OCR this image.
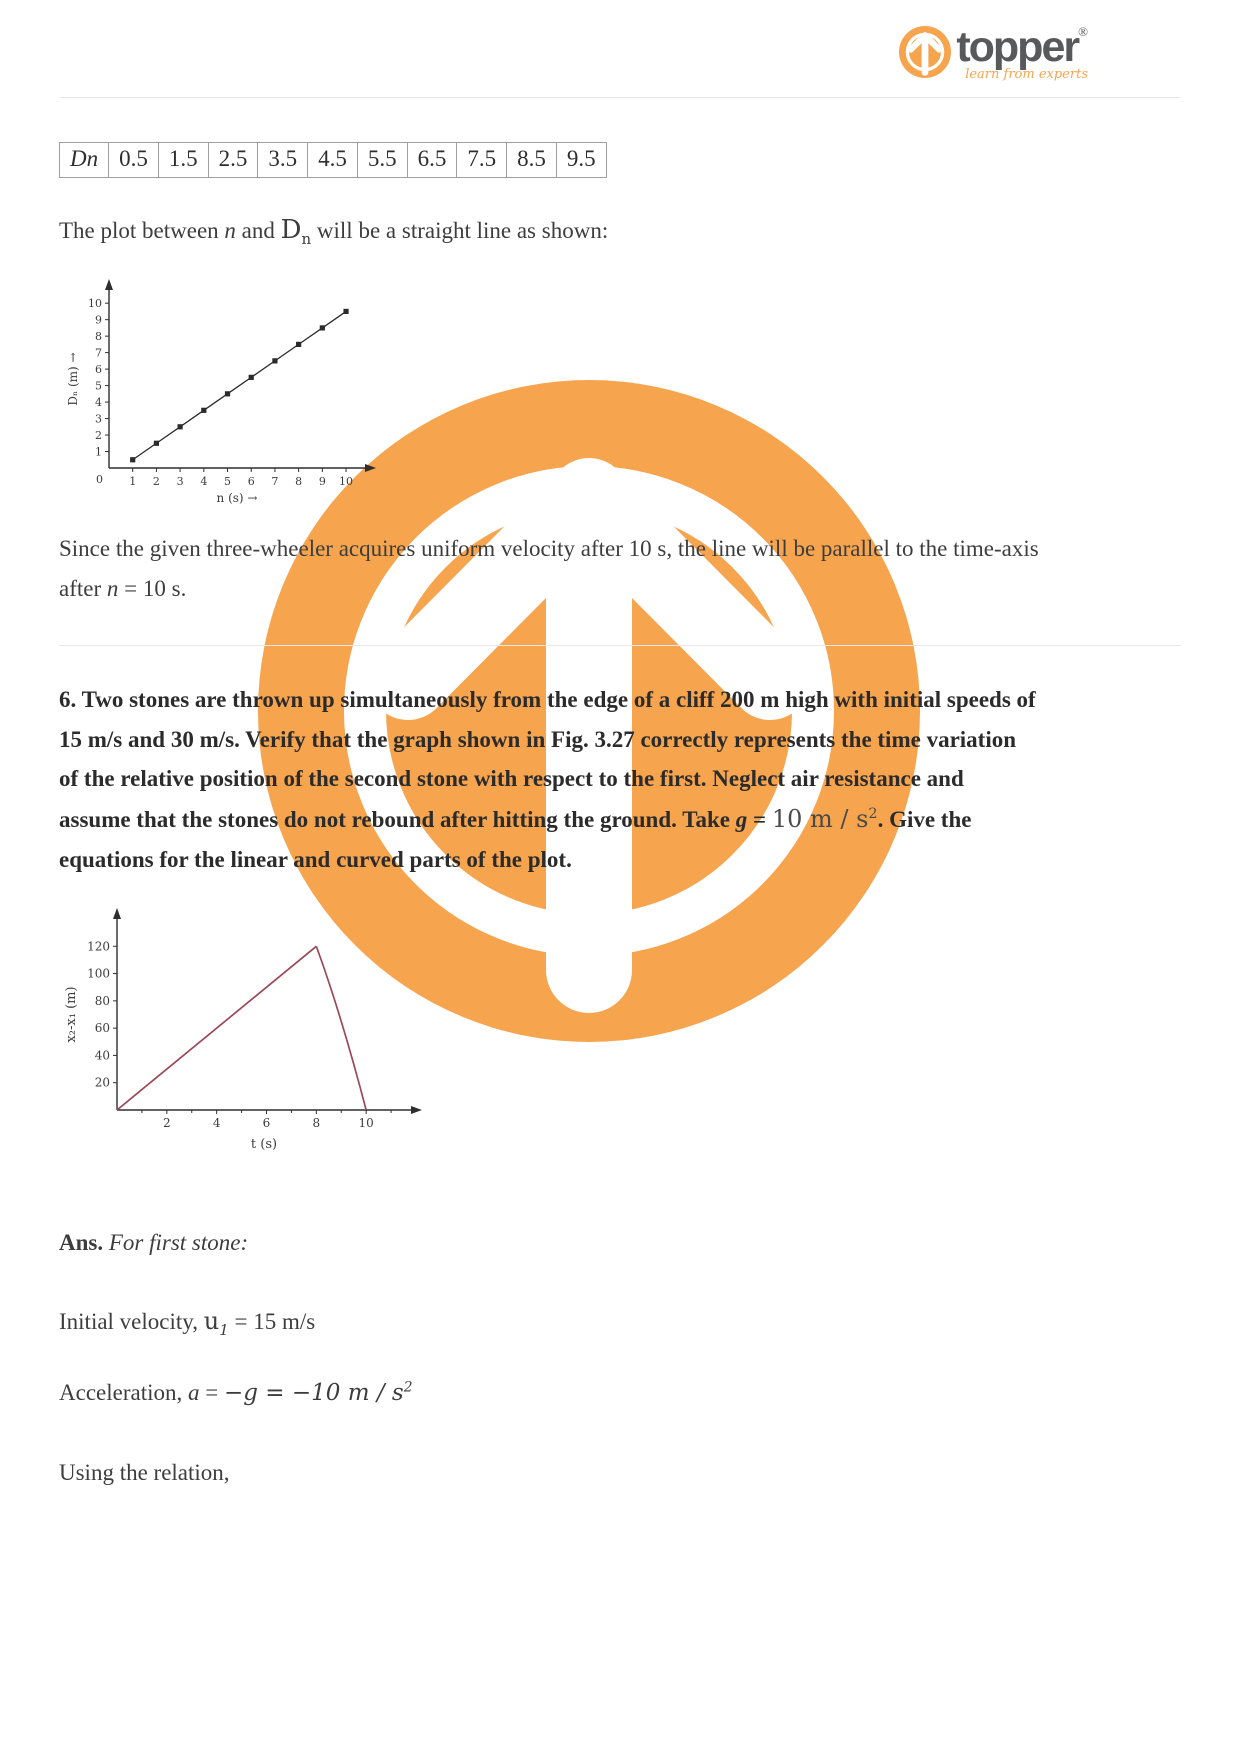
topper®
learn from experts
Dn	0.5	1.5	2.5	3.5	4.5	5.5	6.5	7.5	8.5	9.5

The plot between n and $D_n$ will be a straight line as shown:

1 2 3 4 5 6 7 8 9 10
1
2
3
4
5
6
7
8
9
10
0
n (s) →
Dₙ (m) →

Since the given three-wheeler acquires uniform velocity after 10 s, the line will be parallel to the time-axis after n = 10 s.

6. Two stones are thrown up simultaneously from the edge of a cliff 200 m high with initial speeds of 15 m/s and 30 m/s. Verify that the graph shown in Fig. 3.27 correctly represents the time variation of the relative position of the second stone with respect to the first. Neglect air resistance and assume that the stones do not rebound after hitting the ground. Take g = 10 m / $s^2$. Give the equations for the linear and curved parts of the plot.

2	4	6	8	10
20
40
60
80
100
120
t (s)
x₂-x₁ (m)

Ans. For first stone:

Initial velocity, $u_1 = 15$ m/s

Acceleration, a = −g = −10 m / $s^2$

Using the relation,
